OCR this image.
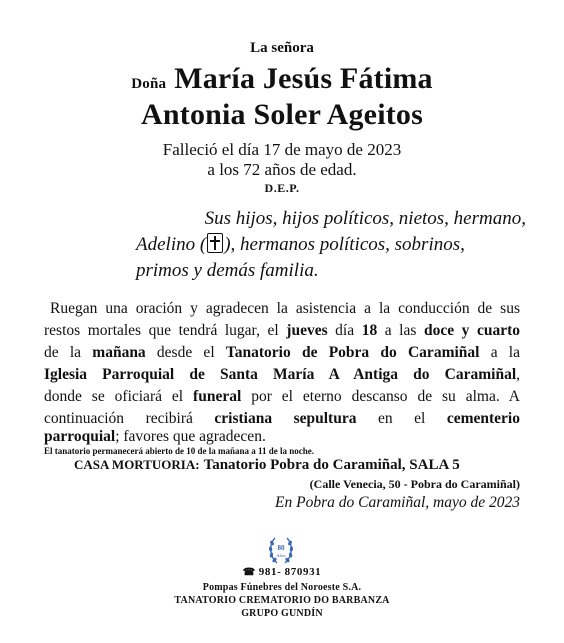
La señora
Doña María Jesús Fátima
Antonia Soler Ageitos
Falleció el día 17 de mayo de 2023
a los 72 años de edad.
D.E.P.
Sus hijos, hijos políticos, nietos, hermano,
Adelino ( ), hermanos políticos, sobrinos,
primos y demás familia.
Ruegan una oración y agradecen la asistencia a la conducción de sus
restos mortales que tendrá lugar, el jueves día 18 a las doce y cuarto
de la mañana desde el Tanatorio de Pobra do Caramiñal a la
Iglesia Parroquial de Santa María A Antiga do Caramiñal,
donde se oficiará el funeral por el eterno descanso de su alma. A
continuación recibirá cristiana sepultura en el cementerio
parroquial; favores que agradecen.
El tanatorio permanecerá abierto de 10 de la mañana a 11 de la noche.
CASA MORTUORIA: Tanatorio Pobra do Caramiñal, SALA 5
(Calle Venecia, 50 - Pobra do Caramiñal)
En Pobra do Caramiñal, mayo de 2023
80
Años
☎ 981- 870931
Pompas Fúnebres del Noroeste S.A.
TANATORIO CREMATORIO DO BARBANZA
GRUPO GUNDÍN
